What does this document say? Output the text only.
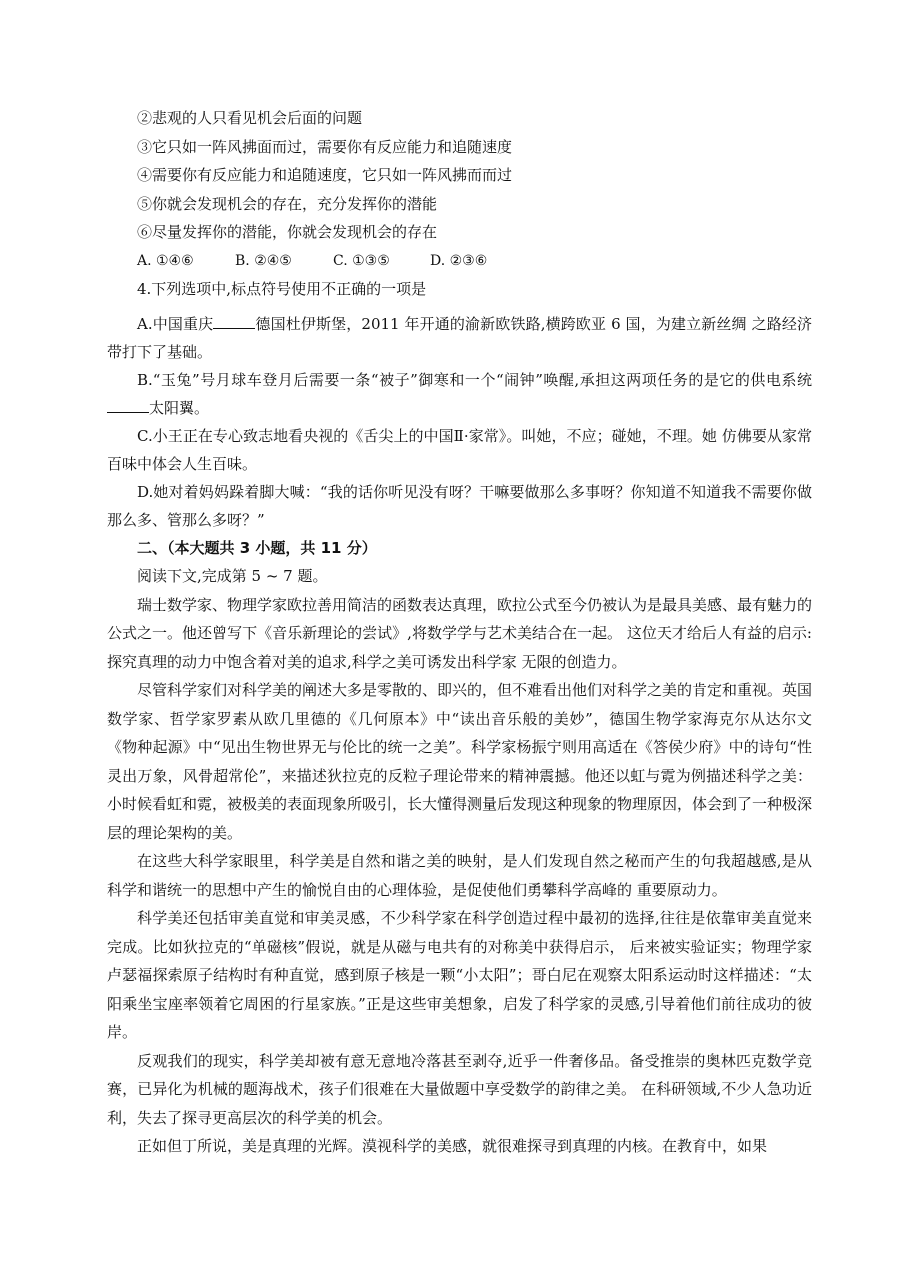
②悲观的人只看见机会后面的问题

③它只如一阵风拂面而过，需要你有反应能力和追随速度

④需要你有反应能力和追随速度，它只如一阵风拂而而过

⑤你就会发现机会的存在，充分发挥你的潜能

⑥尽量发挥你的潜能，你就会发现机会的存在

A. ①④⑥	B. ②④⑤	C. ①③⑤	D. ②③⑥

4.下列选项中,标点符号使用不正确的一项是

A.中国重庆	德国杜伊斯堡，2011 年开通的渝新欧铁路,横跨欧亚 6 国，为建立新丝绸 之路经济带打下了基础。

B.“玉兔”号月球车登月后需要一条“被子”御寒和一个“闹钟”唤醒,承担这两项任务的是它的供电系统太阳翼。

C.小王正在专心致志地看央视的《舌尖上的中国Ⅱ·家常》。叫她，不应；碰她，不理。她 仿佛要从家常百味中体会人生百味。

D.她对着妈妈跺着脚大喊：“我的话你听见没有呀？干嘛要做那么多事呀？你知道不知道我不需要你做那么多、管那么多呀？”

二、（本大题共 3 小题，共 11 分）

阅读下文,完成第 5 ~ 7 题。

瑞士数学家、物理学家欧拉善用简洁的函数表达真理，欧拉公式至今仍被认为是最具美感、最有魅力的公式之一。他还曾写下《音乐新理论的尝试》,将数学学与艺术美结合在一起。 这位天才给后人有益的启示:探究真理的动力中饱含着对美的追求,科学之美可诱发出科学家 无限的创造力。

尽管科学家们对科学美的阐述大多是零散的、即兴的，但不难看出他们对科学之美的肯定和重视。英国数学家、哲学家罗素从欧几里德的《几何原本》中“读出音乐般的美妙”，德国生物学家海克尔从达尔文《物种起源》中“见出生物世界无与伦比的统一之美”。科学家杨振宁则用高适在《答侯少府》中的诗句“性灵出万象，风骨超常伦”，来描述狄拉克的反粒子理论带来的精神震撼。他还以虹与霓为例描述科学之美：小时候看虹和霓，被极美的表面现象所吸引，长大懂得测量后发现这种现象的物理原因，体会到了一种极深层的理论架构的美。

在这些大科学家眼里，科学美是自然和谐之美的映射，是人们发现自然之秘而产生的句我超越感,是从科学和谐统一的思想中产生的愉悦自由的心理体验，是促使他们勇攀科学高峰的 重要原动力。

科学美还包括审美直觉和审美灵感，不少科学家在科学创造过程中最初的选择,往往是依靠审美直觉来完成。比如狄拉克的“单磁核”假说，就是从磁与电共有的对称美中获得启示， 后来被实验证实；物理学家卢瑟福探索原子结构时有种直觉，感到原子核是一颗“小太阳”；哥白尼在观察太阳系运动时这样描述：“太阳乘坐宝座率领着它周困的行星家族。”正是这些审美想象，启发了科学家的灵感,引导着他们前往成功的彼岸。

反观我们的现实，科学美却被有意无意地冷落甚至剥夺,近乎一件奢侈品。备受推崇的奥林匹克数学竞赛，已异化为机械的题海战术，孩子们很难在大量做题中享受数学的韵律之美。 在科研领域,不少人急功近利，失去了探寻更高层次的科学美的机会。

正如但丁所说，美是真理的光辉。漠视科学的美感，就很难探寻到真理的内核。在教育中，如果
